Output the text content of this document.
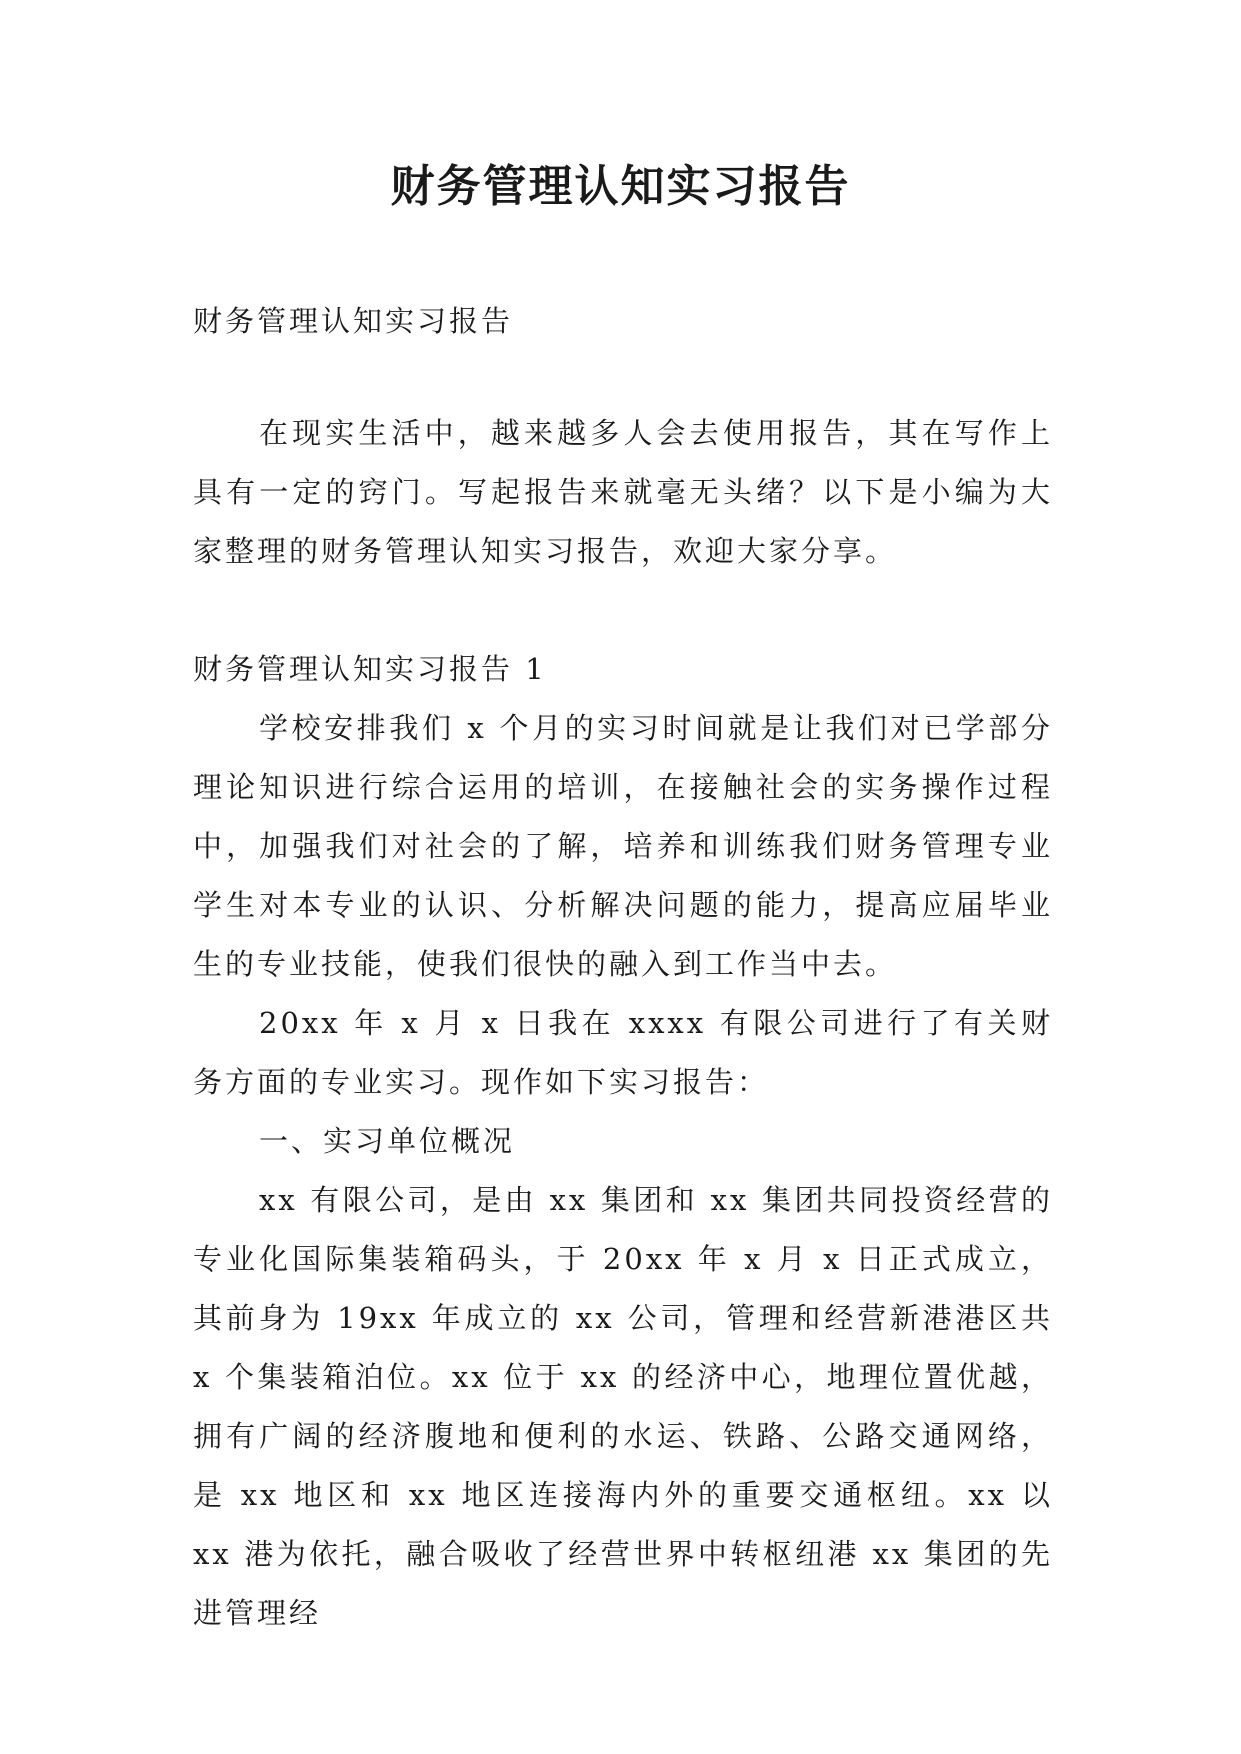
财务管理认知实习报告

财务管理认知实习报告

在现实生活中，越来越多人会去使用报告，其在写作上具有一定的窍门。写起报告来就毫无头绪？以下是小编为大家整理的财务管理认知实习报告，欢迎大家分享。

财务管理认知实习报告 1

学校安排我们 x 个月的实习时间就是让我们对已学部分理论知识进行综合运用的培训，在接触社会的实务操作过程中，加强我们对社会的了解，培养和训练我们财务管理专业学生对本专业的认识、分析解决问题的能力，提高应届毕业生的专业技能，使我们很快的融入到工作当中去。

20xx 年 x 月 x 日我在 xxxx 有限公司进行了有关财务方面的专业实习。现作如下实习报告：

一、实习单位概况

xx 有限公司，是由 xx 集团和 xx 集团共同投资经营的专业化国际集装箱码头，于 20xx 年 x 月 x 日正式成立，其前身为 19xx 年成立的 xx 公司，管理和经营新港港区共 x 个集装箱泊位。xx 位于 xx 的经济中心，地理位置优越，拥有广阔的经济腹地和便利的水运、铁路、公路交通网络，是 xx 地区和 xx 地区连接海内外的重要交通枢纽。xx 以 xx 港为依托，融合吸收了经营世界中转枢纽港 xx 集团的先进管理经
